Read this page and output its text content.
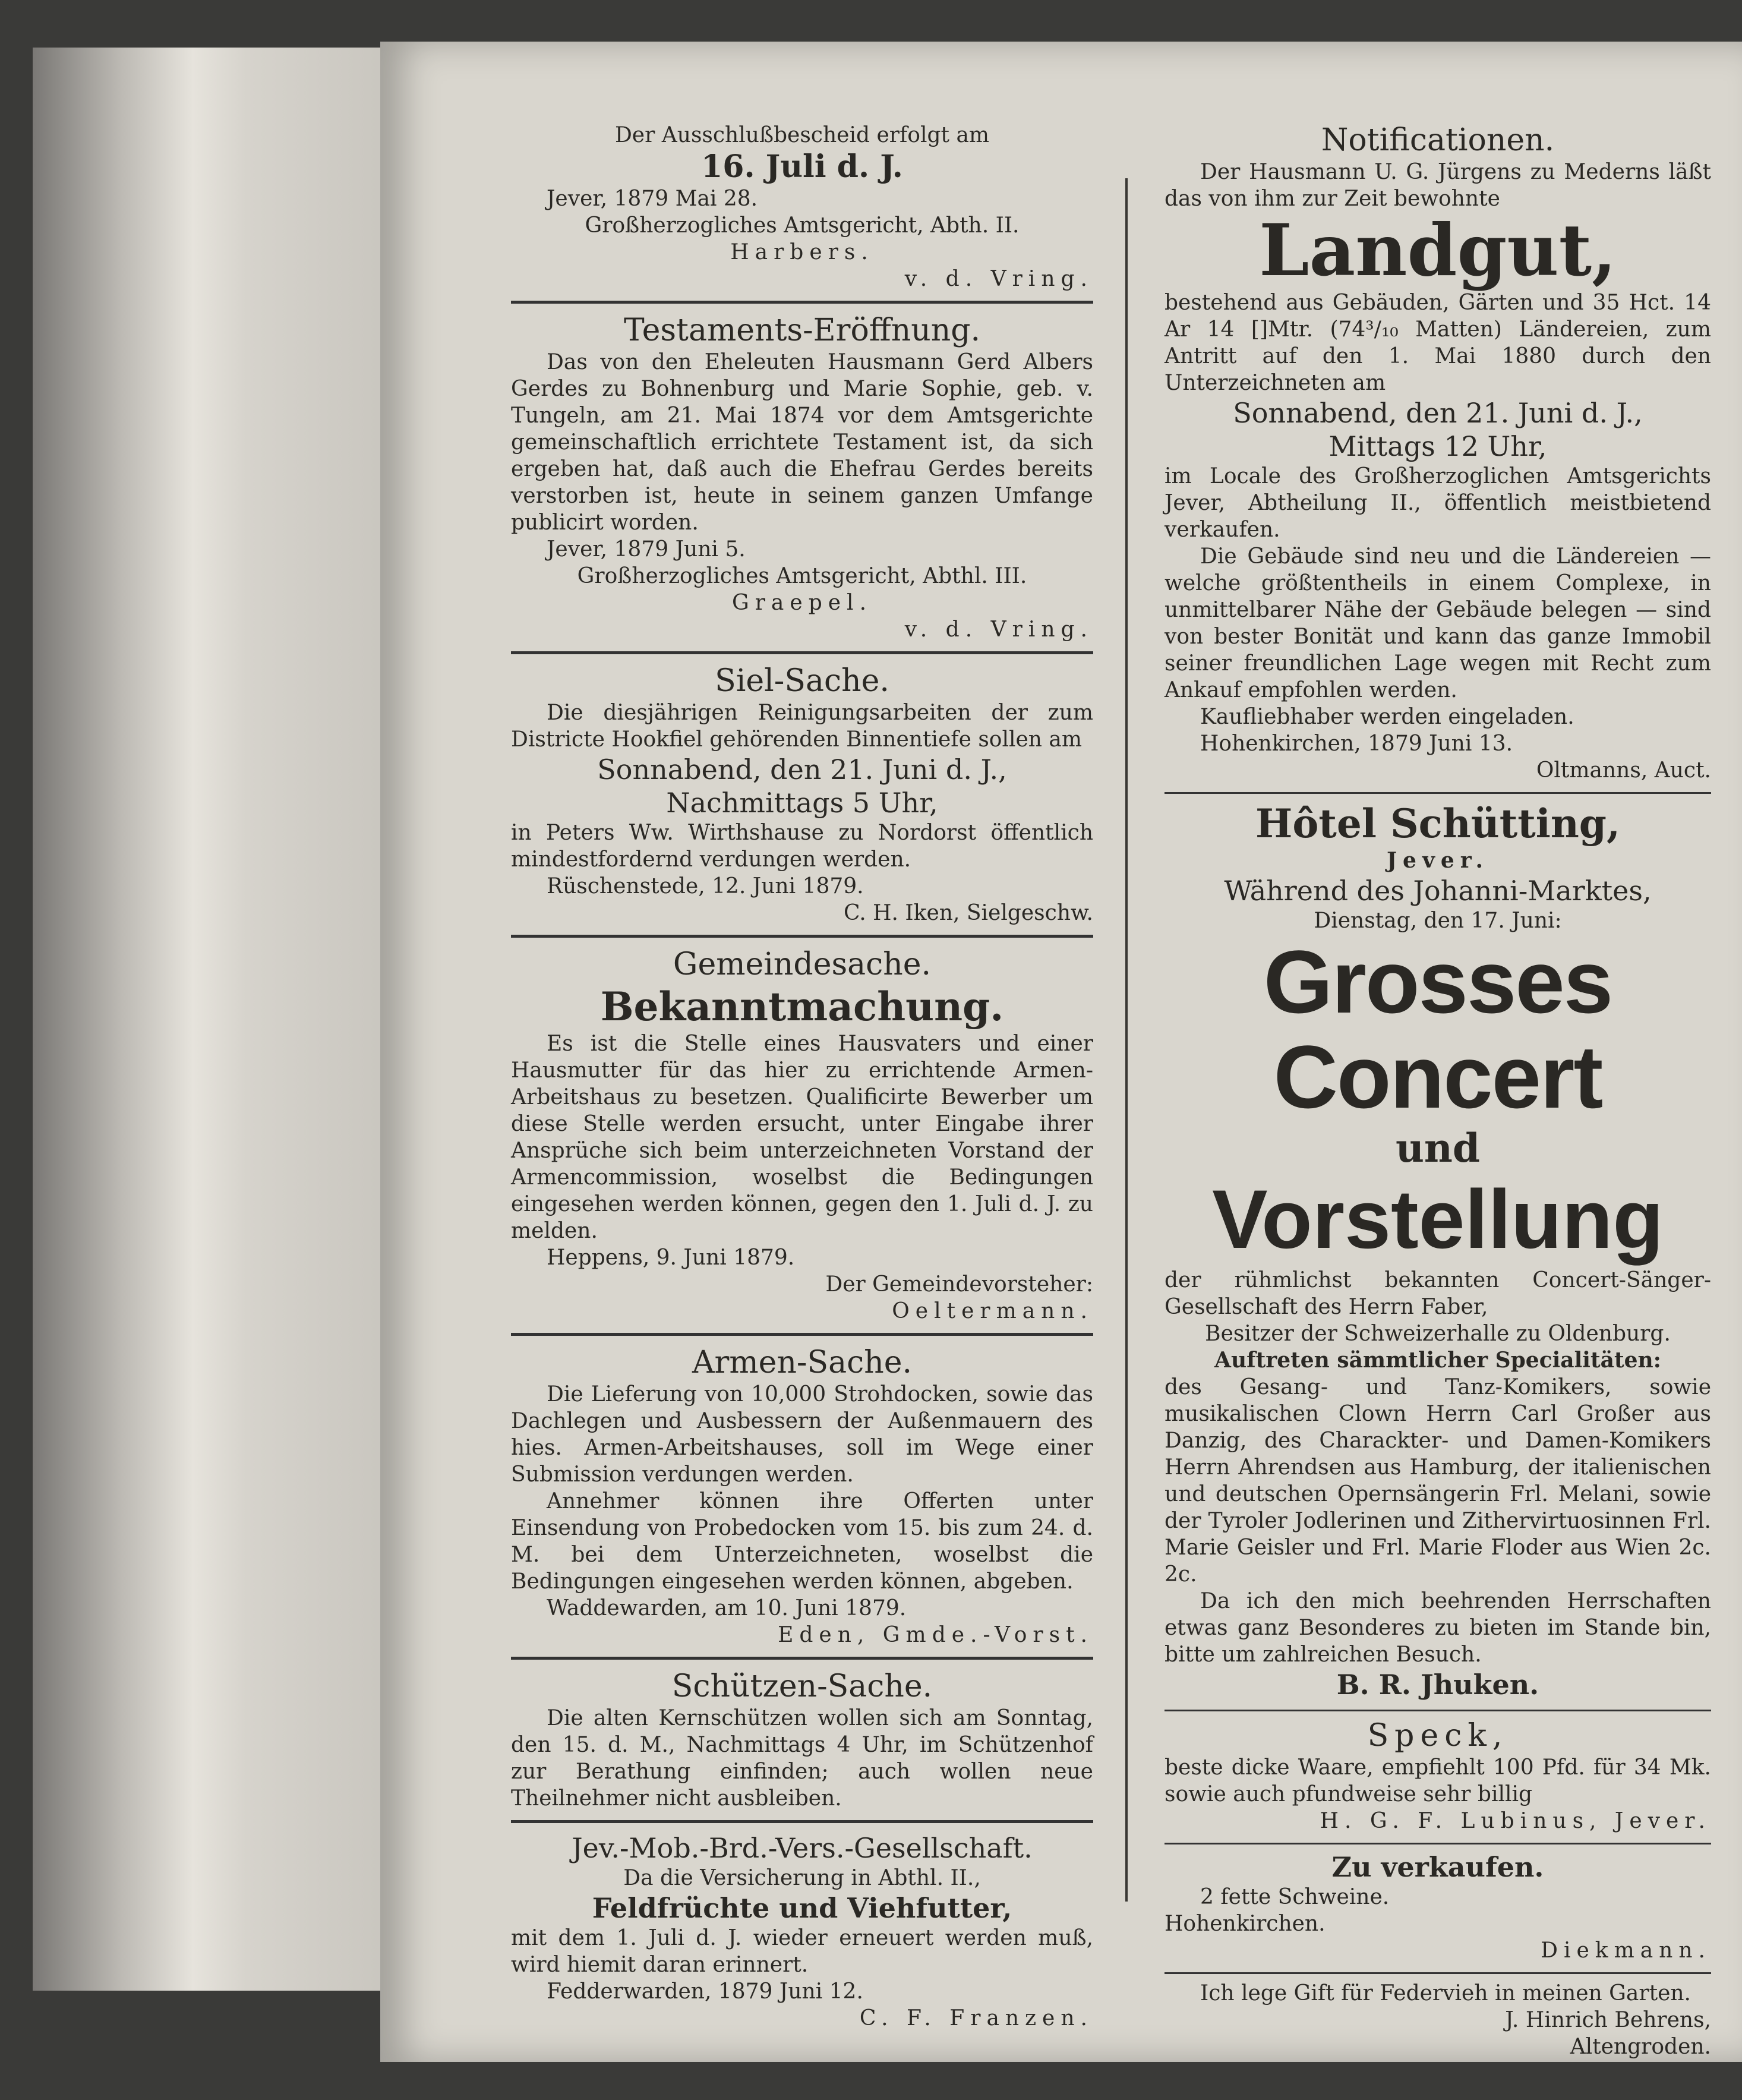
Der Ausschlußbescheid erfolgt am

16. Juli d. J.

Jever, 1879 Mai 28.

Großherzogliches Amtsgericht, Abth. II.

Harbers.

v. d. Vring.

Testaments-Eröffnung.

Das von den Eheleuten Hausmann Gerd Albers Gerdes zu Bohnenburg und Marie Sophie, geb. v. Tungeln, am 21. Mai 1874 vor dem Amtsgerichte gemeinschaftlich errichtete Testament ist, da sich ergeben hat, daß auch die Ehefrau Gerdes bereits verstorben ist, heute in seinem ganzen Umfange publicirt worden.

Jever, 1879 Juni 5.

Großherzogliches Amtsgericht, Abthl. III.

Graepel.

v. d. Vring.

Siel-Sache.

Die diesjährigen Reinigungsarbeiten der zum Districte Hookfiel gehörenden Binnentiefe sollen am

Sonnabend, den 21. Juni d. J.,

Nachmittags 5 Uhr,

in Peters Ww. Wirthshause zu Nordorst öffentlich mindestfordernd verdungen werden.

Rüschenstede, 12. Juni 1879.

C. H. Iken, Sielgeschw.

Gemeindesache.

Bekanntmachung.

Es ist die Stelle eines Hausvaters und einer Hausmutter für das hier zu errichtende Armen-Arbeitshaus zu besetzen. Qualificirte Bewerber um diese Stelle werden ersucht, unter Eingabe ihrer Ansprüche sich beim unterzeichneten Vorstand der Armencommission, woselbst die Bedingungen eingesehen werden können, gegen den 1. Juli d. J. zu melden.

Heppens, 9. Juni 1879.

Der Gemeindevorsteher:

Oeltermann.

Armen-Sache.

Die Lieferung von 10,000 Strohdocken, sowie das Dachlegen und Ausbessern der Außenmauern des hies. Armen-Arbeitshauses, soll im Wege einer Submission verdungen werden.

Annehmer können ihre Offerten unter Einsendung von Probedocken vom 15. bis zum 24. d. M. bei dem Unterzeichneten, woselbst die Bedingungen eingesehen werden können, abgeben.

Waddewarden, am 10. Juni 1879.

Eden, Gmde.-Vorst.

Schützen-Sache.

Die alten Kernschützen wollen sich am Sonntag, den 15. d. M., Nachmittags 4 Uhr, im Schützenhof zur Berathung einfinden; auch wollen neue Theilnehmer nicht ausbleiben.

Jev.-Mob.-Brd.-Vers.-Gesellschaft.

Da die Versicherung in Abthl. II.,

Feldfrüchte und Viehfutter,

mit dem 1. Juli d. J. wieder erneuert werden muß, wird hiemit daran erinnert.

Fedderwarden, 1879 Juni 12.

C. F. Franzen.

Notificationen.

Der Hausmann U. G. Jürgens zu Mederns läßt das von ihm zur Zeit bewohnte

Landgut,

bestehend aus Gebäuden, Gärten und 35 Hct. 14 Ar 14 []Mtr. (74³/₁₀ Matten) Ländereien, zum Antritt auf den 1. Mai 1880 durch den Unterzeichneten am

Sonnabend, den 21. Juni d. J.,

Mittags 12 Uhr,

im Locale des Großherzoglichen Amtsgerichts Jever, Abtheilung II., öffentlich meistbietend verkaufen.

Die Gebäude sind neu und die Ländereien — welche größtentheils in einem Complexe, in unmittelbarer Nähe der Gebäude belegen — sind von bester Bonität und kann das ganze Immobil seiner freundlichen Lage wegen mit Recht zum Ankauf empfohlen werden.

Kaufliebhaber werden eingeladen.

Hohenkirchen, 1879 Juni 13.

Oltmanns, Auct.

Hôtel Schütting,

Jever.

Während des Johanni-Marktes,

Dienstag, den 17. Juni:

Grosses Concert

und

Vorstellung

der rühmlichst bekannten Concert-Sänger-Gesellschaft des Herrn Faber,

Besitzer der Schweizerhalle zu Oldenburg.

Auftreten sämmtlicher Specialitäten:

des Gesang- und Tanz-Komikers, sowie musikalischen Clown Herrn Carl Großer aus Danzig, des Charackter- und Damen-Komikers Herrn Ahrendsen aus Hamburg, der italienischen und deutschen Opernsängerin Frl. Melani, sowie der Tyroler Jodlerinen und Zithervirtuosinnen Frl. Marie Geisler und Frl. Marie Floder aus Wien 2c. 2c.

Da ich den mich beehrenden Herrschaften etwas ganz Besonderes zu bieten im Stande bin, bitte um zahlreichen Besuch.

B. R. Jhuken.

Speck,

beste dicke Waare, empfiehlt 100 Pfd. für 34 Mk. sowie auch pfundweise sehr billig

H. G. F. Lubinus, Jever.

Zu verkaufen.

2 fette Schweine.

Hohenkirchen.

Diekmann.

Ich lege Gift für Federvieh in meinen Garten.

J. Hinrich Behrens,

Altengroden.
